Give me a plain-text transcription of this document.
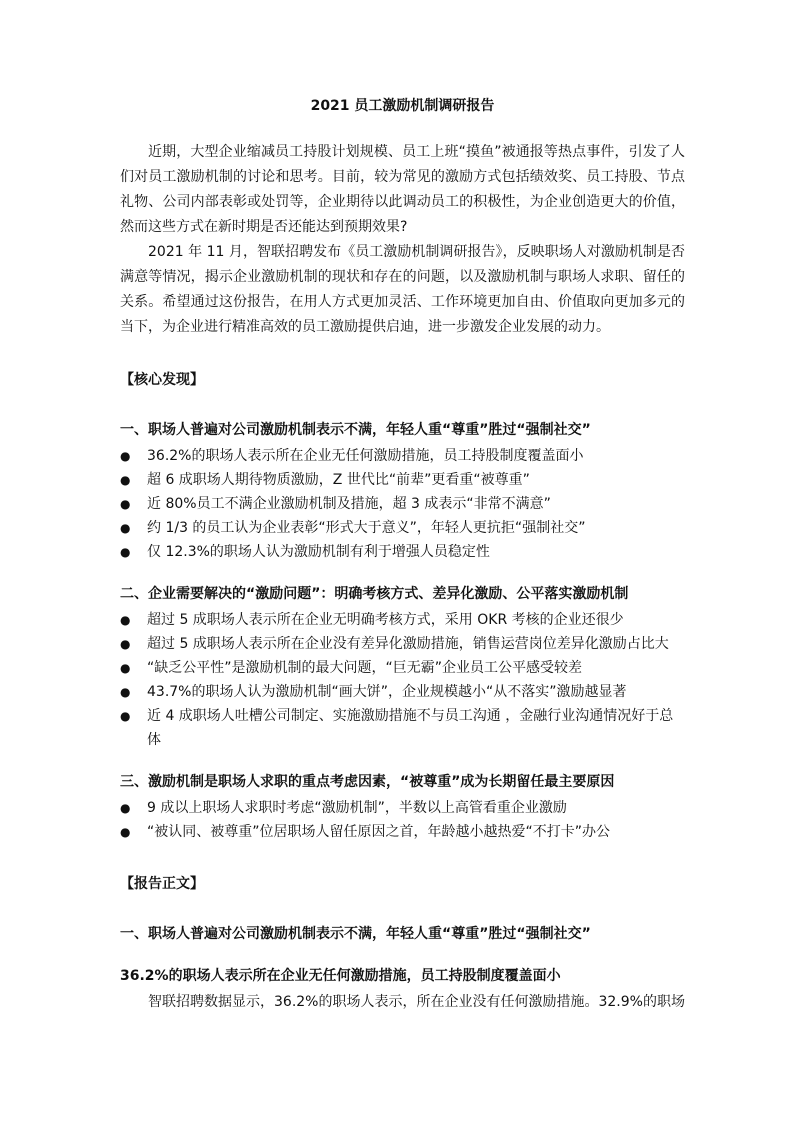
2021 员工激励机制调研报告

近期，大型企业缩减员工持股计划规模、员工上班“摸鱼”被通报等热点事件，引发了人们对员工激励机制的讨论和思考。目前，较为常见的激励方式包括绩效奖、员工持股、节点礼物、公司内部表彰或处罚等，企业期待以此调动员工的积极性，为企业创造更大的价值，然而这些方式在新时期是否还能达到预期效果?

2021 年 11 月，智联招聘发布《员工激励机制调研报告》，反映职场人对激励机制是否满意等情况，揭示企业激励机制的现状和存在的问题，以及激励机制与职场人求职、留任的关系。希望通过这份报告，在用人方式更加灵活、工作环境更加自由、价值取向更加多元的当下，为企业进行精准高效的员工激励提供启迪，进一步激发企业发展的动力。

【核心发现】
一、职场人普遍对公司激励机制表示不满，年轻人重“尊重”胜过“强制社交”
● 36.2%的职场人表示所在企业无任何激励措施，员工持股制度覆盖面小
● 超 6 成职场人期待物质激励，Z 世代比“前辈”更看重“被尊重”
● 近 80%员工不满企业激励机制及措施，超 3 成表示“非常不满意”
● 约 1/3 的员工认为企业表彰“形式大于意义”，年轻人更抗拒“强制社交”
● 仅 12.3%的职场人认为激励机制有利于增强人员稳定性
二、企业需要解决的“激励问题”：明确考核方式、差异化激励、公平落实激励机制
● 超过 5 成职场人表示所在企业无明确考核方式，采用 OKR 考核的企业还很少
● 超过 5 成职场人表示所在企业没有差异化激励措施，销售运营岗位差异化激励占比大
● “缺乏公平性”是激励机制的最大问题，“巨无霸”企业员工公平感受较差
● 43.7%的职场人认为激励机制“画大饼”，企业规模越小“从不落实”激励越显著
● 近 4 成职场人吐槽公司制定、实施激励措施不与员工沟通 ，金融行业沟通情况好于总体
三、激励机制是职场人求职的重点考虑因素，“被尊重”成为长期留任最主要原因
● 9 成以上职场人求职时考虑“激励机制”，半数以上高管看重企业激励
● “被认同、被尊重”位居职场人留任原因之首，年龄越小越热爱“不打卡”办公
【报告正文】
一、职场人普遍对公司激励机制表示不满，年轻人重“尊重”胜过“强制社交”
36.2%的职场人表示所在企业无任何激励措施，员工持股制度覆盖面小

智联招聘数据显示，36.2%的职场人表示，所在企业没有任何激励措施。32.9%的职场
